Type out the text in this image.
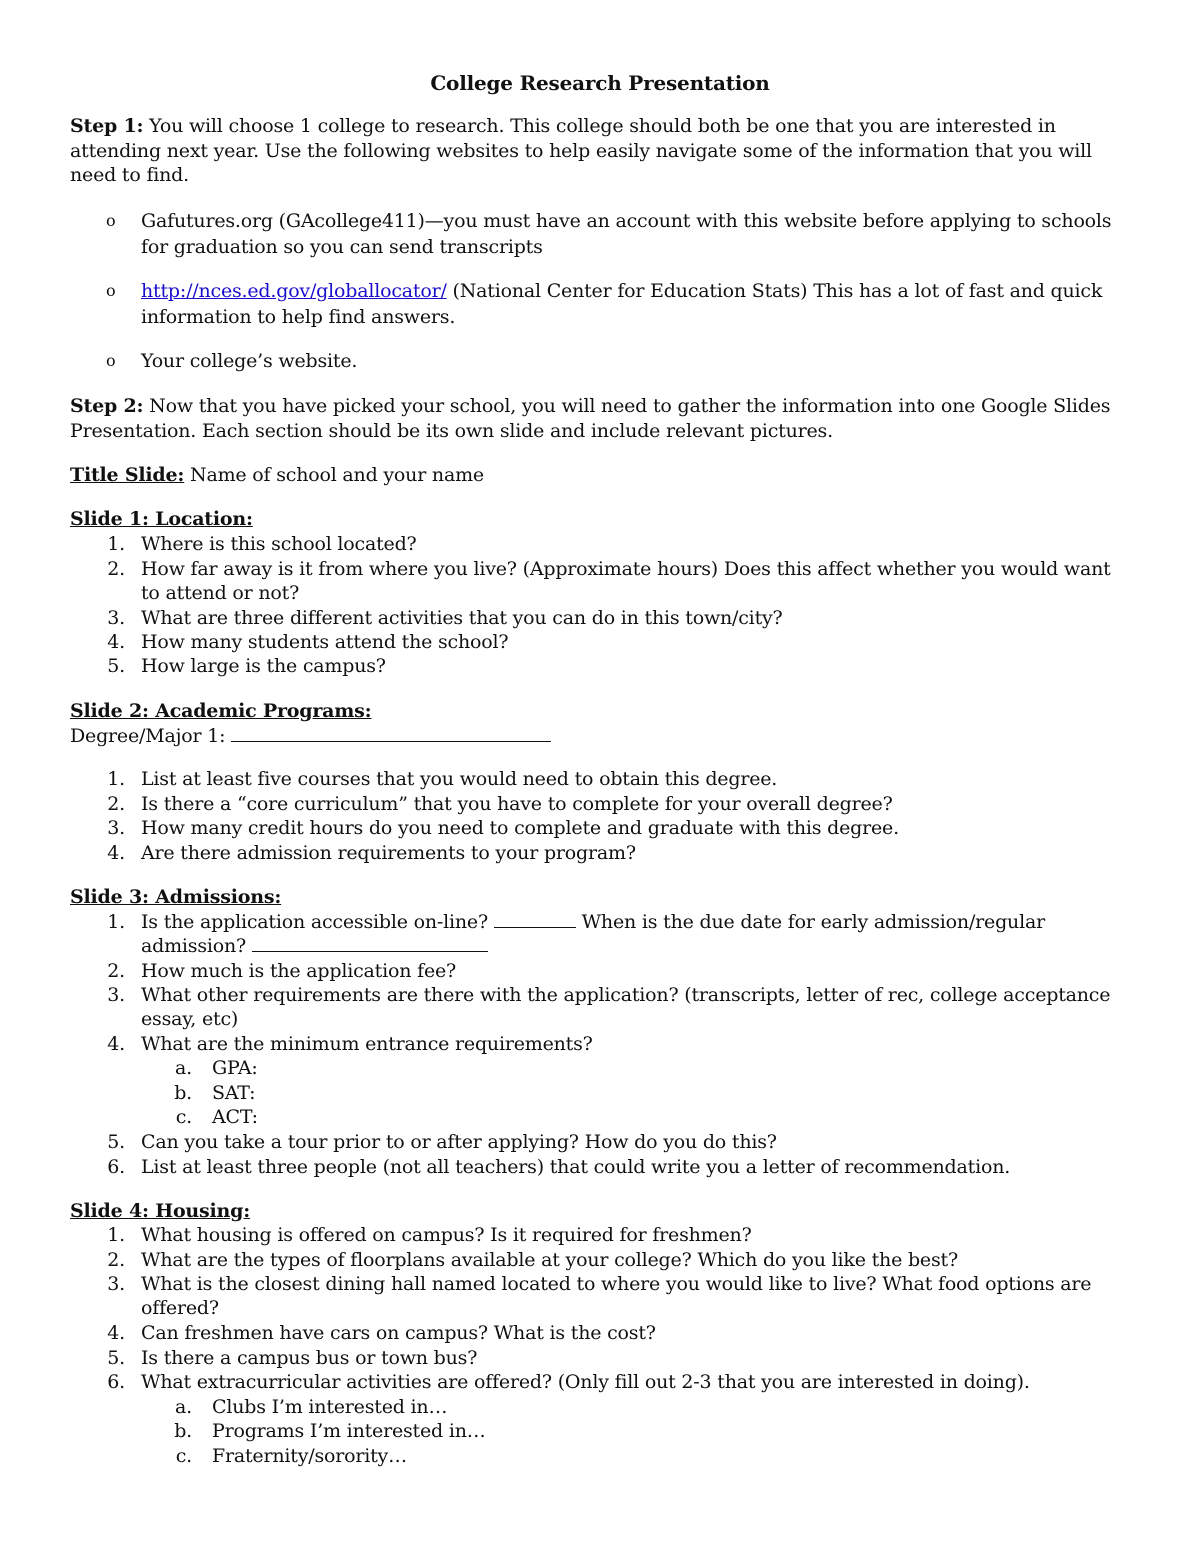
College Research Presentation
Step 1: You will choose 1 college to research. This college should both be one that you are interested in attending next year. Use the following websites to help easily navigate some of the information that you will need to find.
o Gafutures.org (GAcollege411)—you must have an account with this website before applying to schools for graduation so you can send transcripts
o http://nces.ed.gov/globallocator/ (National Center for Education Stats) This has a lot of fast and quick information to help find answers.
o Your college’s website.
Step 2: Now that you have picked your school, you will need to gather the information into one Google Slides Presentation. Each section should be its own slide and include relevant pictures.
Title Slide: Name of school and your name
Slide 1: Location:
1. Where is this school located?
2. How far away is it from where you live? (Approximate hours) Does this affect whether you would want to attend or not?
3. What are three different activities that you can do in this town/city?
4. How many students attend the school?
5. How large is the campus?
Slide 2: Academic Programs:
Degree/Major 1:
1. List at least five courses that you would need to obtain this degree.
2. Is there a “core curriculum” that you have to complete for your overall degree?
3. How many credit hours do you need to complete and graduate with this degree.
4. Are there admission requirements to your program?
Slide 3: Admissions:
1. Is the application accessible on-line?	When is the due date for early admission/regular
admission?
2. How much is the application fee?
3. What other requirements are there with the application? (transcripts, letter of rec, college acceptance essay, etc)
4. What are the minimum entrance requirements?
a. GPA:
b. SAT:
c. ACT:
5. Can you take a tour prior to or after applying? How do you do this?
6. List at least three people (not all teachers) that could write you a letter of recommendation.
Slide 4: Housing:
1. What housing is offered on campus? Is it required for freshmen?
2. What are the types of floorplans available at your college? Which do you like the best?
3. What is the closest dining hall named located to where you would like to live? What food options are offered?
4. Can freshmen have cars on campus? What is the cost?
5. Is there a campus bus or town bus?
6. What extracurricular activities are offered? (Only fill out 2-3 that you are interested in doing).
a. Clubs I’m interested in…
b. Programs I’m interested in…
c. Fraternity/sorority…
